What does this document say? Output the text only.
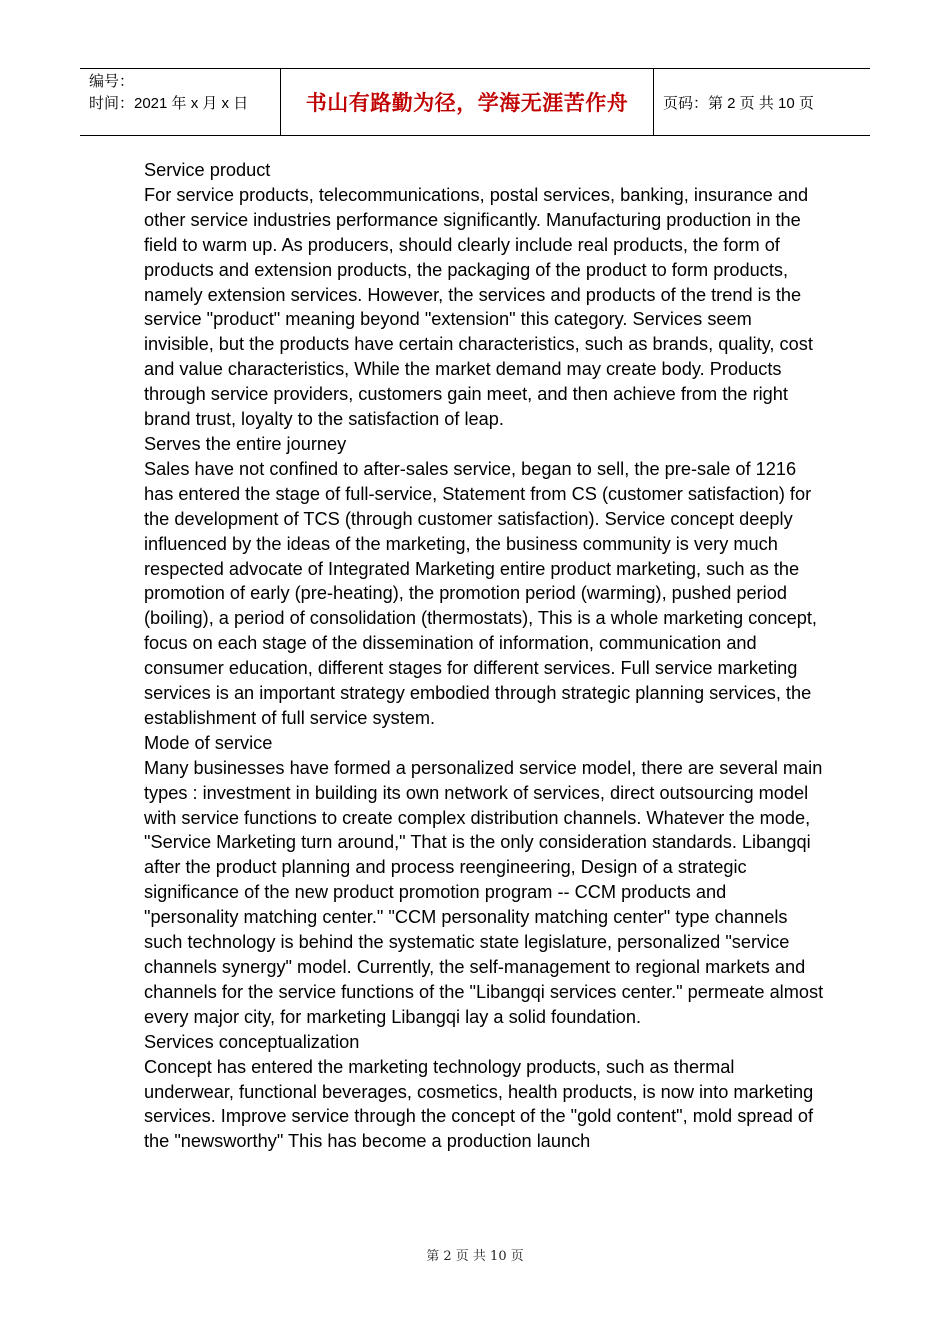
编号：
时间：2021 年 x 月 x 日	书山有路勤为径，学海无涯苦作舟 页码：第 2 页 共 10 页

Service product

For service products, telecommunications, postal services, banking, insurance and other service industries performance significantly. Manufacturing production in the field to warm up. As producers, should clearly include real products, the form of products and extension products, the packaging of the product to form products, namely extension services. However, the services and products of the trend is the service "product" meaning beyond "extension" this category. Services seem invisible, but the products have certain characteristics, such as brands, quality, cost and value characteristics, While the market demand may create body. Products through service providers, customers gain meet, and then achieve from the right brand trust, loyalty to the satisfaction of leap.

Serves the entire journey

Sales have not confined to after-sales service, began to sell, the pre-sale of 1216 has entered the stage of full-service, Statement from CS (customer satisfaction) for the development of TCS (through customer satisfaction). Service concept deeply influenced by the ideas of the marketing, the business community is very much respected advocate of Integrated Marketing entire product marketing, such as the promotion of early (pre-heating), the promotion period (warming), pushed period (boiling), a period of consolidation (thermostats), This is a whole marketing concept, focus on each stage of the dissemination of information, communication and consumer education, different stages for different services. Full service marketing services is an important strategy embodied through strategic planning services, the establishment of full service system.

Mode of service

Many businesses have formed a personalized service model, there are several main types : investment in building its own network of services, direct outsourcing model with service functions to create complex distribution channels. Whatever the mode, "Service Marketing turn around," That is the only consideration standards. Libangqi after the product planning and process reengineering, Design of a strategic significance of the new product promotion program -- CCM products and "personality matching center." "CCM personality matching center" type channels such technology is behind the systematic state legislature, personalized "service channels synergy" model. Currently, the self-management to regional markets and channels for the service functions of the "Libangqi services center." permeate almost every major city, for marketing Libangqi lay a solid foundation.

Services conceptualization

Concept has entered the marketing technology products, such as thermal underwear, functional beverages, cosmetics, health products, is now into marketing services. Improve service through the concept of the "gold content", mold spread of the "newsworthy" This has become a production launch

第 2 页 共 10 页
